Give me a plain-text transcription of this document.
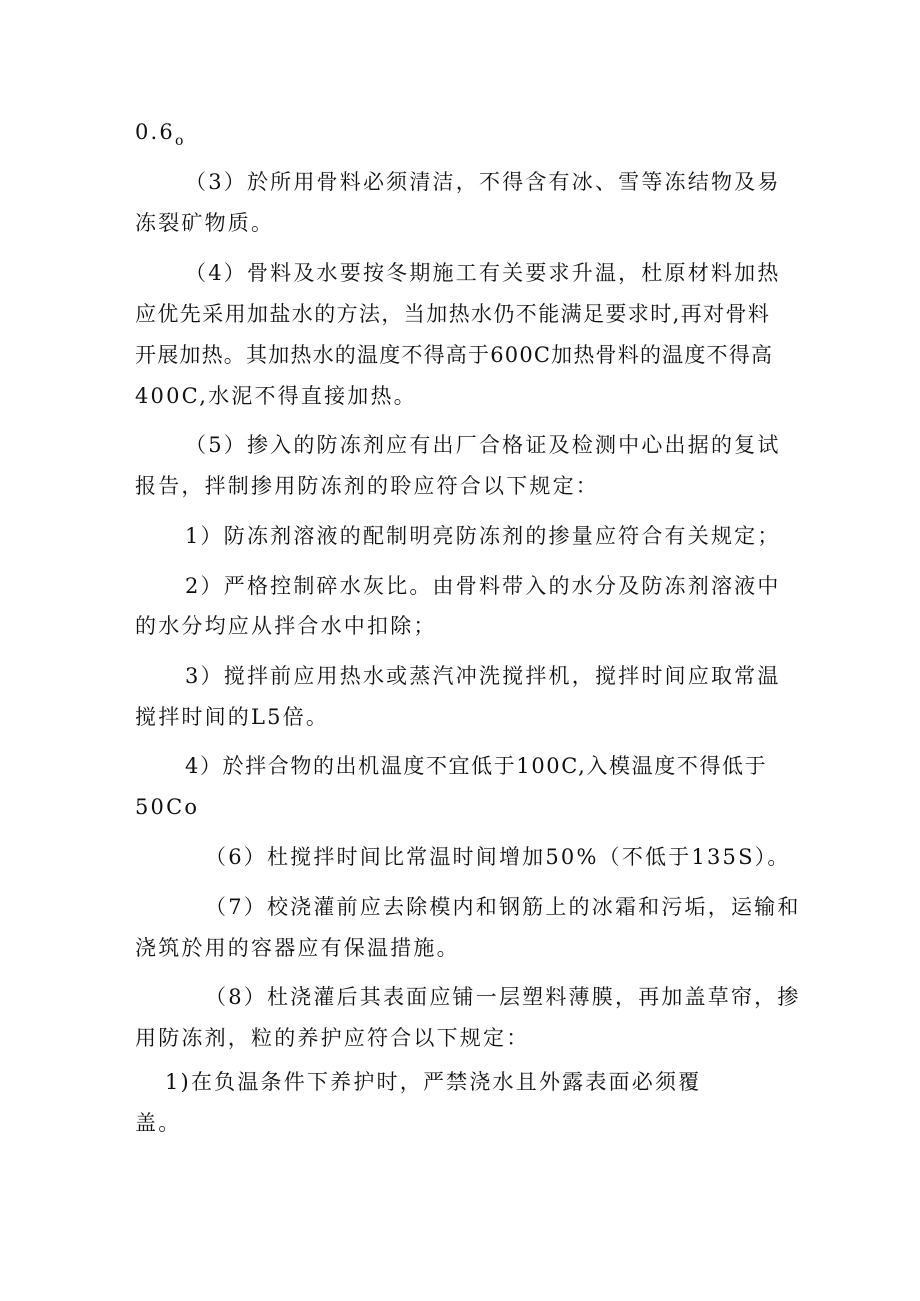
$0.6_o$
（3）於所用骨料必须清洁，不得含有冰、雪等冻结物及易
冻裂矿物质。
（4）骨料及水要按冬期施工有关要求升温，杜原材料加热
应优先采用加盐水的方法，当加热水仍不能满足要求时,再对骨料
开展加热。其加热水的温度不得高于600C加热骨料的温度不得高
400C,水泥不得直接加热。
（5）掺入的防冻剂应有出厂合格证及检测中心出据的复试
报告，拌制掺用防冻剂的聆应符合以下规定：
1）防冻剂溶液的配制明亮防冻剂的掺量应符合有关规定；
2）严格控制碎水灰比。由骨料带入的水分及防冻剂溶液中
的水分均应从拌合水中扣除；
3）搅拌前应用热水或蒸汽冲洗搅拌机，搅拌时间应取常温
搅拌时间的L5倍。
4）於拌合物的出机温度不宜低于100C,入模温度不得低于
50Co
（6）杜搅拌时间比常温时间增加50%（不低于135S）。
（7）校浇灌前应去除模内和钢筋上的冰霜和污垢，运输和
浇筑於用的容器应有保温措施。
（8）杜浇灌后其表面应铺一层塑料薄膜，再加盖草帘，掺
用防冻剂，粒的养护应符合以下规定：
1)在负温条件下养护时，严禁浇水且外露表面必须覆
盖。
